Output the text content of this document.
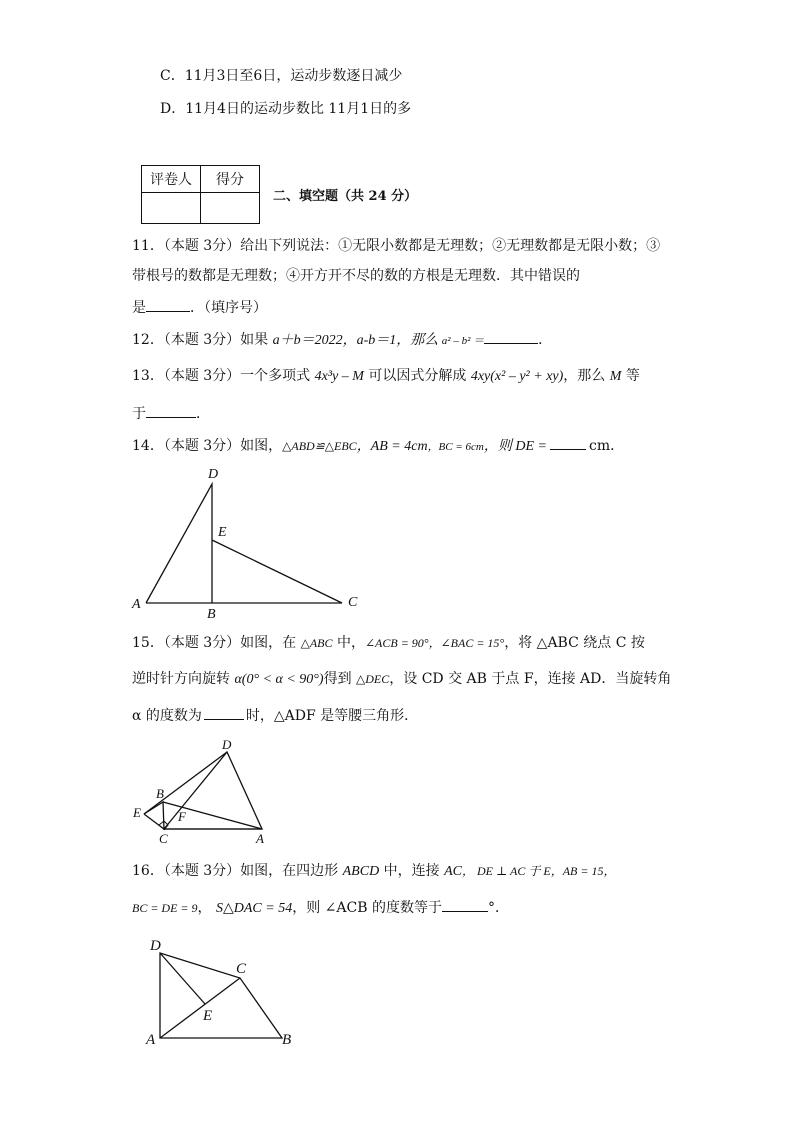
C．11月3日至6日，运动步数逐日减少
D．11月4日的运动步数比 11月1日的多
评卷人	得分

二、填空题（共 24 分）
11．（本题 3分）给出下列说法：①无限小数都是无理数；②无理数都是无限小数；③
带根号的数都是无理数；④开方开不尽的数的方根是无理数．其中错误的
是	．（填序号）
12．（本题 3分）如果 a＋b＝2022，a-b＝1，那么 a² – b² ＝	．
13．（本题 3分）一个多项式 4x³y – M 可以因式分解成 4xy(x² – y² + xy)，那么 M 等
于	．
14．（本题 3分）如图，△ABD≌△EBC，AB = 4cm，BC = 6cm，则 DE =	cm．
D
E
A
B
C
15．（本题 3分）如图，在 △ABC 中，∠ACB = 90°，∠BAC = 15°，将 △ABC 绕点 C 按
逆时针方向旋转 α(0° < α < 90°)得到 △DEC，设 CD 交 AB 于点 F，连接 AD．当旋转角
α 的度数为	时，△ADF 是等腰三角形．
D
B
E	F
C	A
16．（本题 3分）如图，在四边形 ABCD 中，连接 AC， DE ⊥ AC 于 E，AB = 15，
BC = DE = 9， S△DAC = 54，则 ∠ACB 的度数等于	°．
D
C
E
A	B
